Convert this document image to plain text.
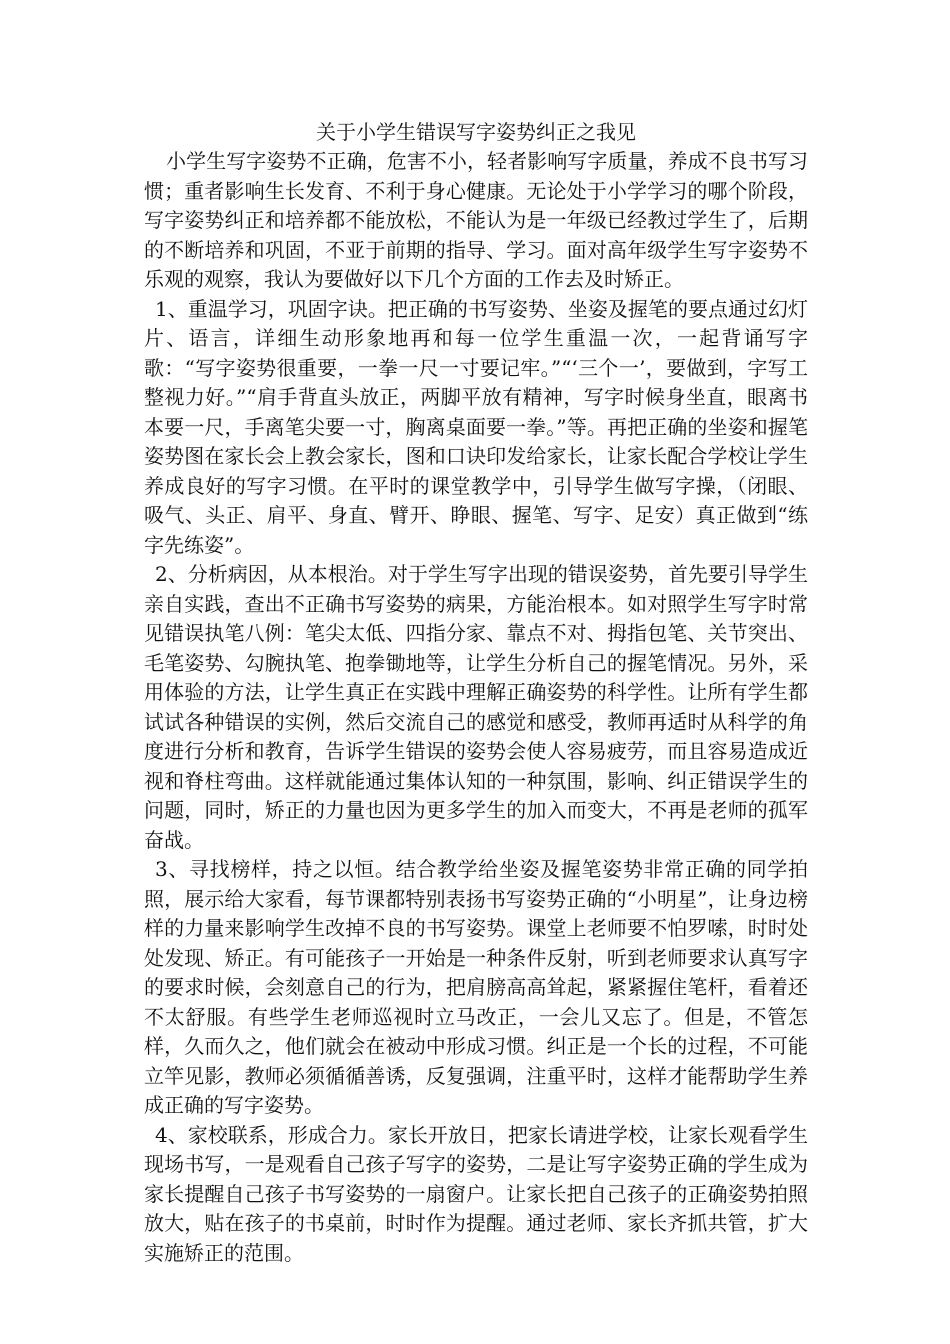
关于小学生错误写字姿势纠正之我见

小学生写字姿势不正确，危害不小，轻者影响写字质量，养成不良书写习惯；重者影响生长发育、不利于身心健康。无论处于小学学习的哪个阶段，写字姿势纠正和培养都不能放松，不能认为是一年级已经教过学生了，后期的不断培养和巩固，不亚于前期的指导、学习。面对高年级学生写字姿势不乐观的观察，我认为要做好以下几个方面的工作去及时矫正。

1、重温学习，巩固字诀。把正确的书写姿势、坐姿及握笔的要点通过幻灯片、语言，详细生动形象地再和每一位学生重温一次，一起背诵写字歌：“写字姿势很重要，一拳一尺一寸要记牢。”“‘三个一’，要做到，字写工整视力好。”“肩手背直头放正，两脚平放有精神，写字时候身坐直，眼离书本要一尺，手离笔尖要一寸，胸离桌面要一拳。”等。再把正确的坐姿和握笔姿势图在家长会上教会家长，图和口诀印发给家长，让家长配合学校让学生养成良好的写字习惯。在平时的课堂教学中，引导学生做写字操，（闭眼、吸气、头正、肩平、身直、臂开、睁眼、握笔、写字、足安）真正做到“练字先练姿”。

2、分析病因，从本根治。对于学生写字出现的错误姿势，首先要引导学生亲自实践，查出不正确书写姿势的病果，方能治根本。如对照学生写字时常见错误执笔八例：笔尖太低、四指分家、靠点不对、拇指包笔、关节突出、毛笔姿势、勾腕执笔、抱拳锄地等，让学生分析自己的握笔情况。另外，采用体验的方法，让学生真正在实践中理解正确姿势的科学性。让所有学生都试试各种错误的实例，然后交流自己的感觉和感受，教师再适时从科学的角度进行分析和教育，告诉学生错误的姿势会使人容易疲劳，而且容易造成近视和脊柱弯曲。这样就能通过集体认知的一种氛围，影响、纠正错误学生的问题，同时，矫正的力量也因为更多学生的加入而变大，不再是老师的孤军奋战。

3、寻找榜样，持之以恒。结合教学给坐姿及握笔姿势非常正确的同学拍照，展示给大家看，每节课都特别表扬书写姿势正确的“小明星”，让身边榜样的力量来影响学生改掉不良的书写姿势。课堂上老师要不怕罗嗦，时时处处发现、矫正。有可能孩子一开始是一种条件反射，听到老师要求认真写字的要求时候，会刻意自己的行为，把肩膀高高耸起，紧紧握住笔杆，看着还不太舒服。有些学生老师巡视时立马改正，一会儿又忘了。但是，不管怎样，久而久之，他们就会在被动中形成习惯。纠正是一个长的过程，不可能立竿见影，教师必须循循善诱，反复强调，注重平时，这样才能帮助学生养成正确的写字姿势。

4、家校联系，形成合力。家长开放日，把家长请进学校，让家长观看学生现场书写，一是观看自己孩子写字的姿势，二是让写字姿势正确的学生成为家长提醒自己孩子书写姿势的一扇窗户。让家长把自己孩子的正确姿势拍照放大，贴在孩子的书桌前，时时作为提醒。通过老师、家长齐抓共管，扩大实施矫正的范围。
